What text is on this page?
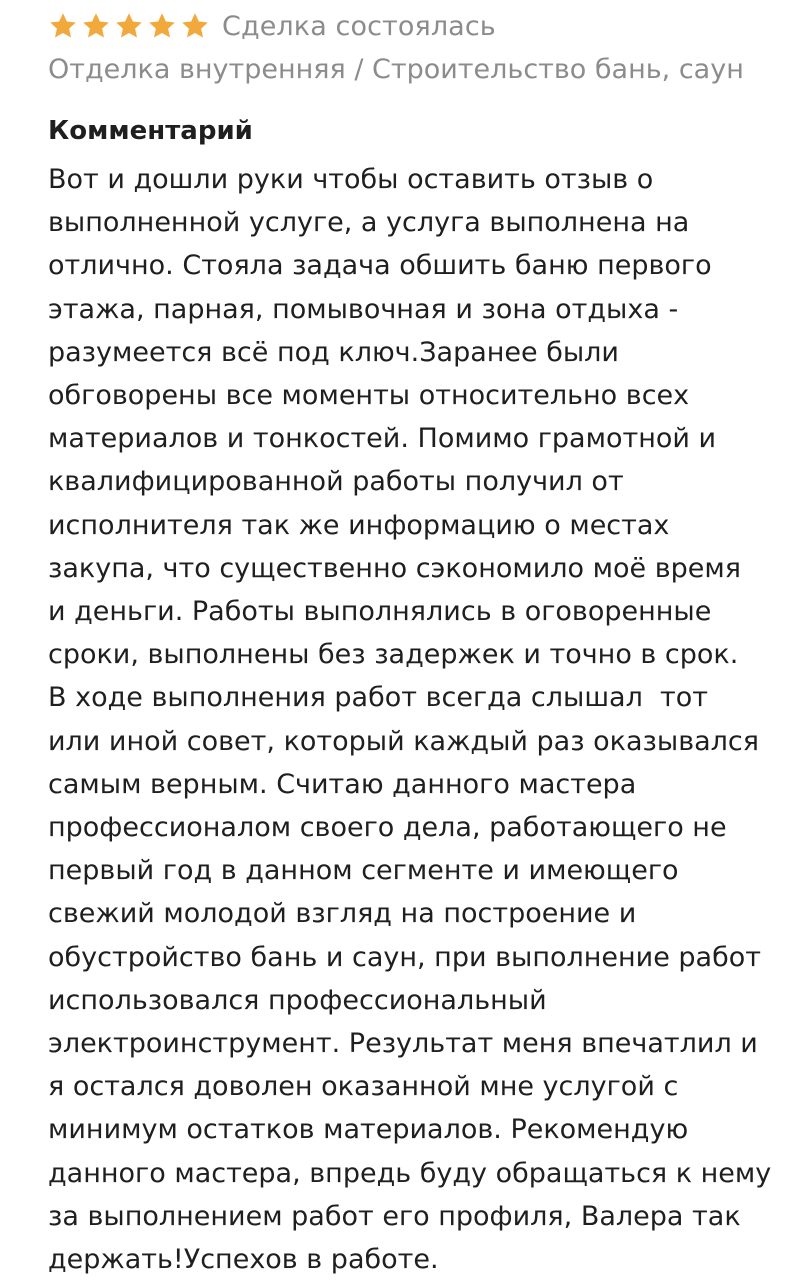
Сделка состоялась
Отделка внутренняя / Строительство бань, саун
Комментарий

Вот и дошли руки чтобы оставить отзыв о
выполненной услуге, а услуга выполнена на
отлично. Стояла задача обшить баню первого
этажа, парная, помывочная и зона отдыха -
разумеется всё под ключ.Заранее были
обговорены все моменты относительно всех
материалов и тонкостей. Помимо грамотной и
квалифицированной работы получил от
исполнителя так же информацию о местах
закупа, что существенно сэкономило моё время
и деньги. Работы выполнялись в оговоренные
сроки, выполнены без задержек и точно в срок.
В ходе выполнения работ всегда слышал  тот
или иной совет, который каждый раз оказывался
самым верным. Считаю данного мастера
профессионалом своего дела, работающего не
первый год в данном сегменте и имеющего
свежий молодой взгляд на построение и
обустройство бань и саун, при выполнение работ
использовался профессиональный
электроинструмент. Результат меня впечатлил и
я остался доволен оказанной мне услугой с
минимум остатков материалов. Рекомендую
данного мастера, впредь буду обращаться к нему
за выполнением работ его профиля, Валера так
держать!Успехов в работе.
